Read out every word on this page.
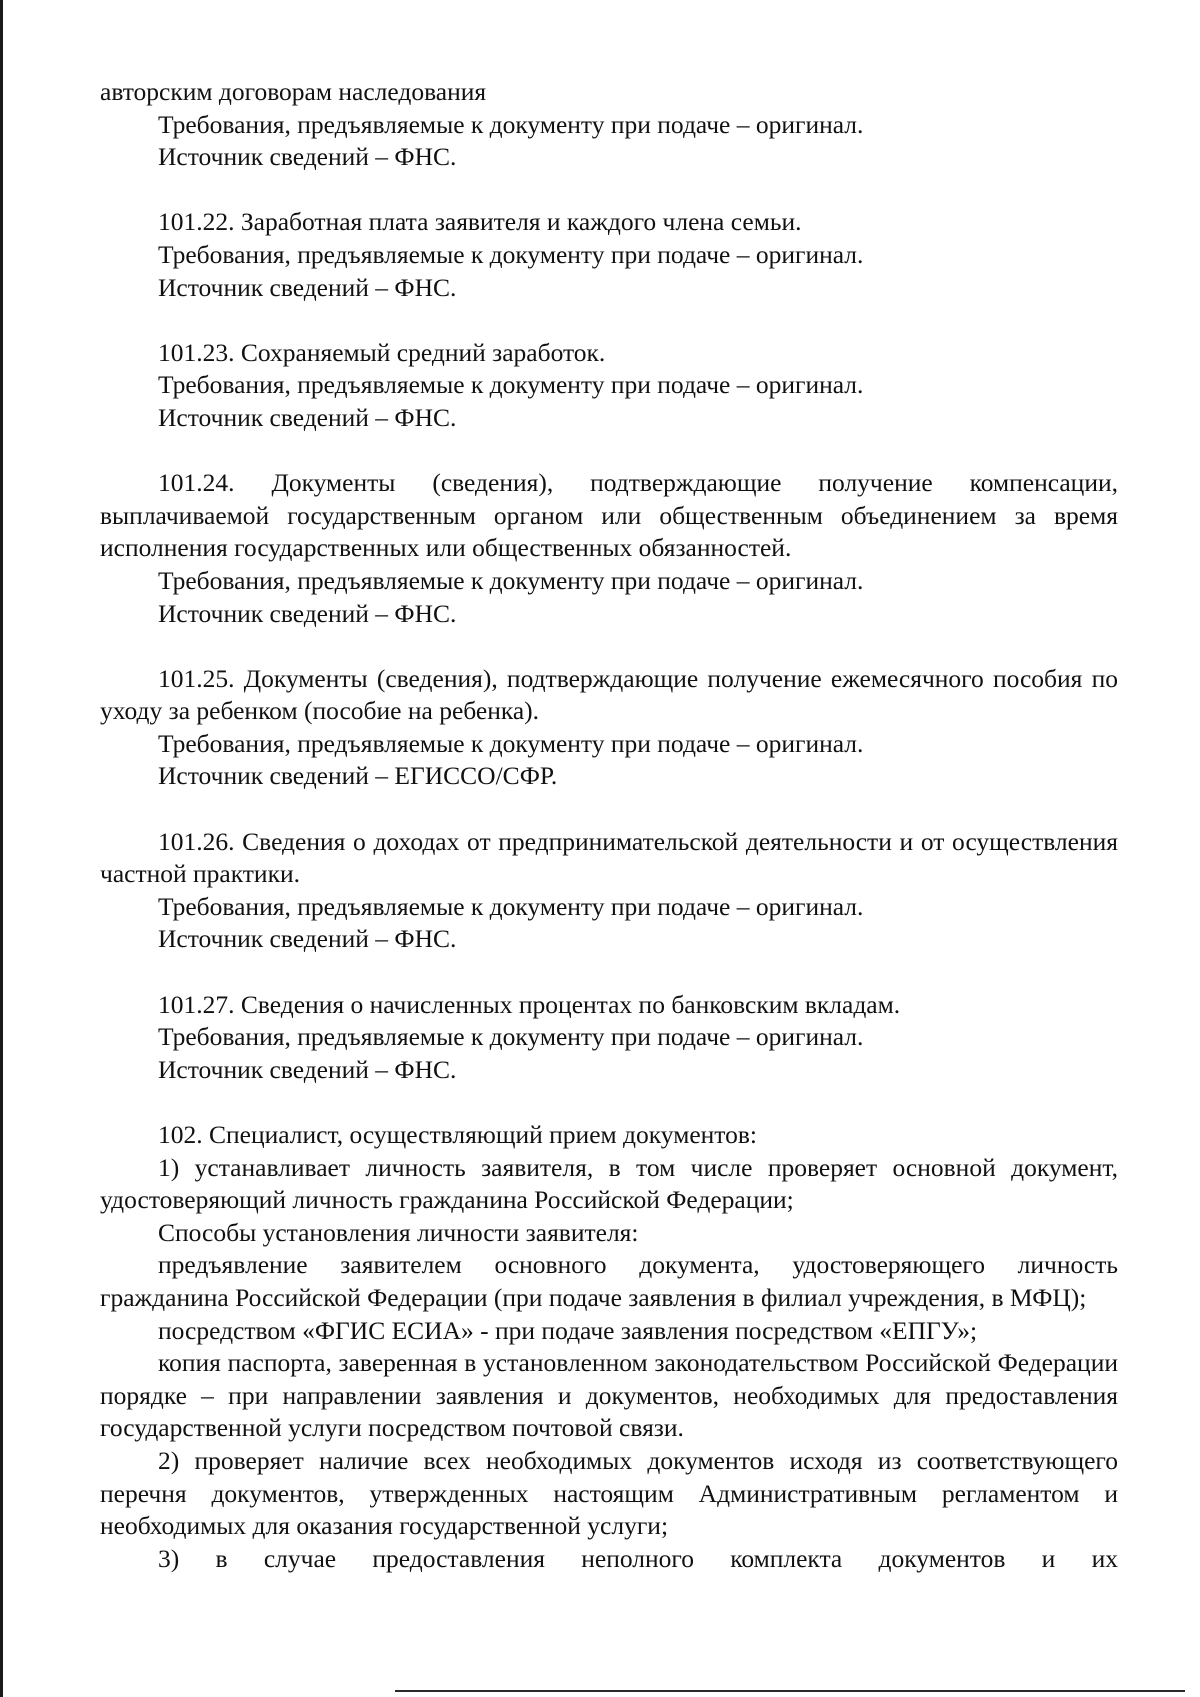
авторским договорам наследования

Требования, предъявляемые к документу при подаче – оригинал.

Источник сведений – ФНС.

101.22. Заработная плата заявителя и каждого члена семьи.

Требования, предъявляемые к документу при подаче – оригинал.

Источник сведений – ФНС.

101.23. Сохраняемый средний заработок.

Требования, предъявляемые к документу при подаче – оригинал.

Источник сведений – ФНС.

101.24. Документы (сведения), подтверждающие получение компенсации, выплачиваемой государственным органом или общественным объединением за время исполнения государственных или общественных обязанностей.

Требования, предъявляемые к документу при подаче – оригинал.

Источник сведений – ФНС.

101.25. Документы (сведения), подтверждающие получение ежемесячного пособия по уходу за ребенком (пособие на ребенка).

Требования, предъявляемые к документу при подаче – оригинал.

Источник сведений – ЕГИССО/СФР.

101.26. Сведения о доходах от предпринимательской деятельности и от осуществления частной практики.

Требования, предъявляемые к документу при подаче – оригинал.

Источник сведений – ФНС.

101.27. Сведения о начисленных процентах по банковским вкладам.

Требования, предъявляемые к документу при подаче – оригинал.

Источник сведений – ФНС.

102. Специалист, осуществляющий прием документов:

1) устанавливает личность заявителя, в том числе проверяет основной документ, удостоверяющий личность гражданина Российской Федерации;

Способы установления личности заявителя:

предъявление заявителем основного документа, удостоверяющего личность гражданина Российской Федерации (при подаче заявления в филиал учреждения, в МФЦ);

посредством «ФГИС ЕСИА» - при подаче заявления посредством «ЕПГУ»;

копия паспорта, заверенная в установленном законодательством Российской Федерации порядке – при направлении заявления и документов, необходимых для предоставления государственной услуги посредством почтовой связи.

2) проверяет наличие всех необходимых документов исходя из соответствующего перечня документов, утвержденных настоящим Административным регламентом и необходимых для оказания государственной услуги;

3) в случае предоставления неполного комплекта документов и их
